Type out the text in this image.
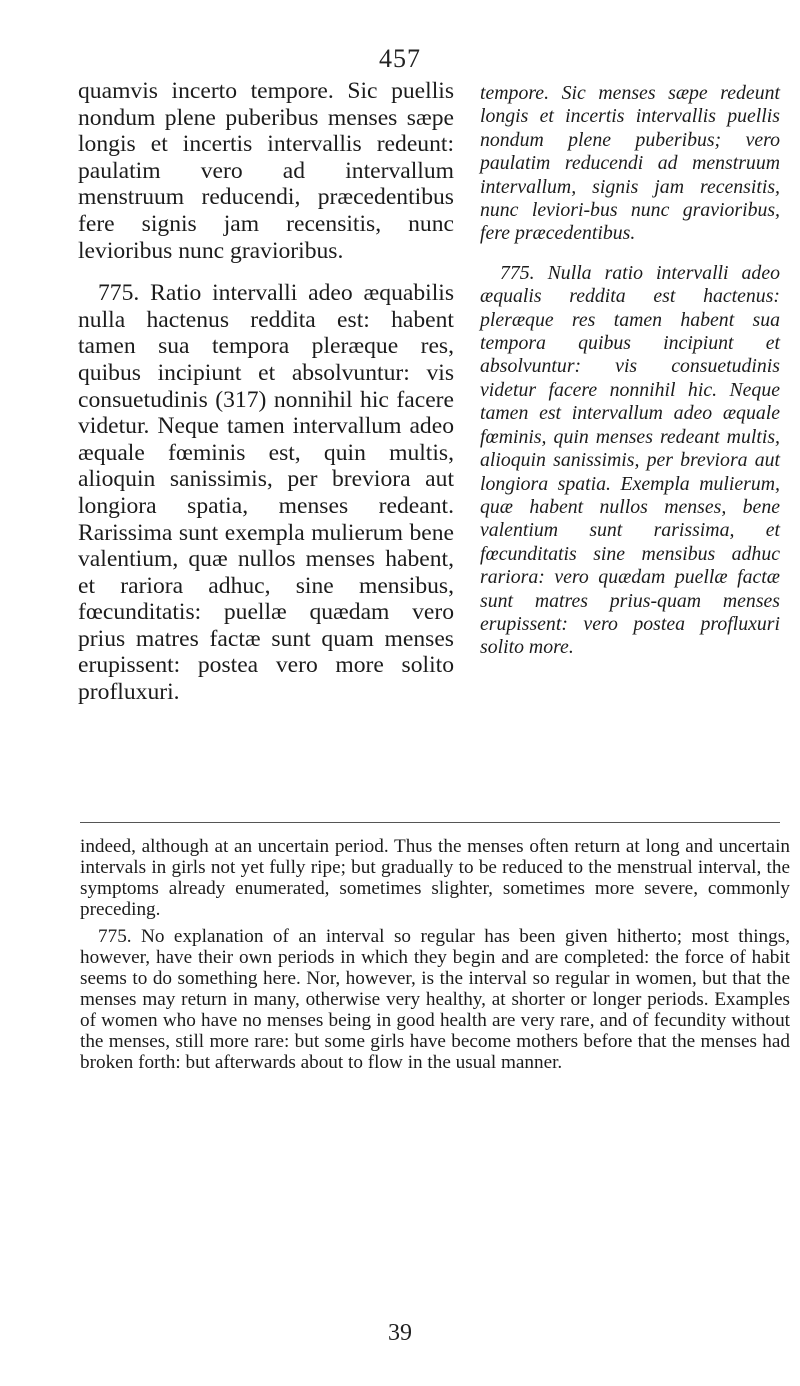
457

quamvis incerto tempore. Sic puellis nondum plene puberibus menses sæpe longis et incertis intervallis redeunt: paulatim vero ad intervallum menstruum reducendi, præcedentibus fere signis jam recensitis, nunc levioribus nunc gravioribus.

775. Ratio intervalli adeo æquabilis nulla hactenus reddita est: habent tamen sua tempora pleræque res, quibus incipiunt et absolvuntur: vis consuetudinis (317) nonnihil hic facere videtur. Neque tamen intervallum adeo æquale fœminis est, quin multis, alioquin sanissimis, per breviora aut longiora spatia, menses redeant. Rarissima sunt exempla mulierum bene valentium, quæ nullos menses habent, et rariora adhuc, sine mensibus, fœcunditatis: puellæ quædam vero prius matres factæ sunt quam menses erupissent: postea vero more solito profluxuri.

tempore. Sic menses sæpe redeunt longis et incertis intervallis puellis nondum plene puberibus; vero paulatim reducendi ad menstruum intervallum, signis jam recensitis, nunc leviori-bus nunc gravioribus, fere præcedentibus.

775. Nulla ratio intervalli adeo æqualis reddita est hactenus: pleræque res tamen habent sua tempora quibus incipiunt et absolvuntur: vis consuetudinis videtur facere nonnihil hic. Neque tamen est intervallum adeo æquale fœminis, quin menses redeant multis, alioquin sanissimis, per breviora aut longiora spatia. Exempla mulierum, quæ habent nullos menses, bene valentium sunt rarissima, et fœcunditatis sine mensibus adhuc rariora: vero quædam puellæ factæ sunt matres prius-quam menses erupissent: vero postea profluxuri solito more.

indeed, although at an uncertain period. Thus the menses often return at long and uncertain intervals in girls not yet fully ripe; but gradually to be reduced to the menstrual interval, the symptoms already enumerated, sometimes slighter, sometimes more severe, commonly preceding.

775. No explanation of an interval so regular has been given hitherto; most things, however, have their own periods in which they begin and are completed: the force of habit seems to do something here. Nor, however, is the interval so regular in women, but that the menses may return in many, otherwise very healthy, at shorter or longer periods. Examples of women who have no menses being in good health are very rare, and of fecundity without the menses, still more rare: but some girls have become mothers before that the menses had broken forth: but afterwards about to flow in the usual manner.

39
